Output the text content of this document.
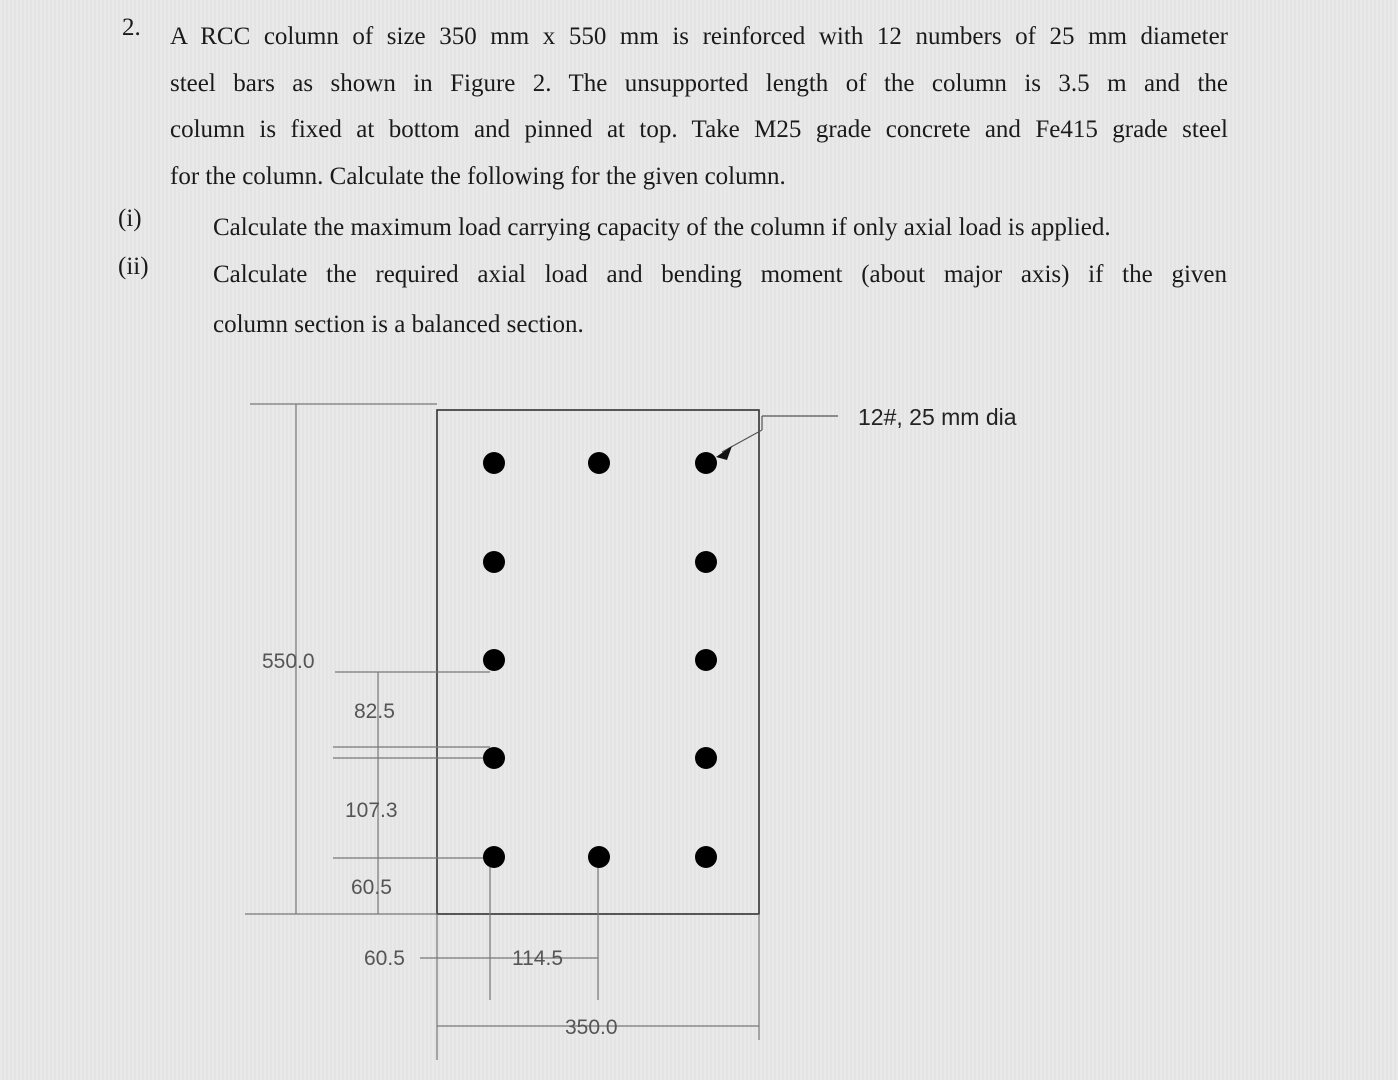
2. A RCC column of size 350 mm x 550 mm is reinforced with 12 numbers of 25 mm diameter
steel bars as shown in Figure 2. The unsupported length of the column is 3.5 m and the
column is fixed at bottom and pinned at top. Take M25 grade concrete and Fe415 grade steel
for the column. Calculate the following for the given column.
(i)	Calculate the maximum load carrying capacity of the column if only axial load is applied.
(ii)	Calculate the required axial load and bending moment (about major axis) if the given
column section is a balanced section.
550.0
82.5
107.3
60.5
60.5	114.5
350.0
12#, 25 mm dia
